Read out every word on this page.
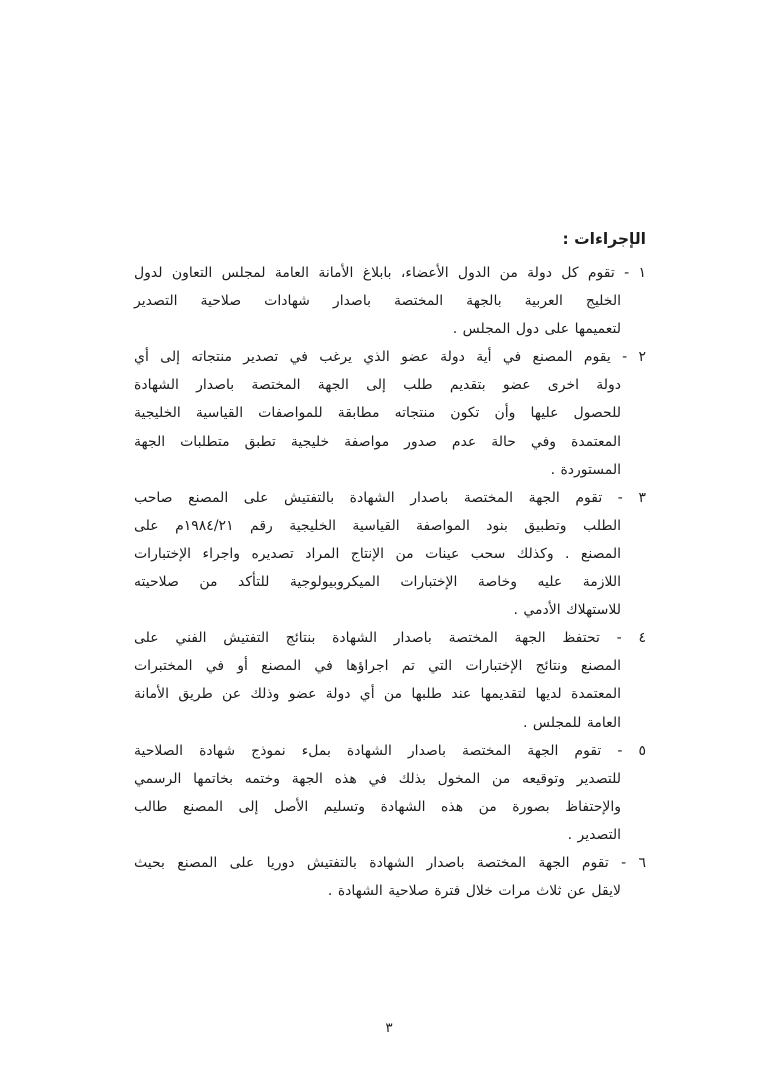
الإجراءات :
١ - تقوم كل دولة من الدول الأعضاء، بابلاغ الأمانة العامة لمجلس التعاون لدول
الخليج العربية بالجهة المختصة باصدار شهادات صلاحية التصدير
لتعميمها على دول المجلس .
٢ - يقوم المصنع في أية دولة عضو الذي يرغب في تصدير منتجاته إلى أي
دولة اخرى عضو بتقديم طلب إلى الجهة المختصة باصدار الشهادة
للحصول عليها وأن تكون منتجاته مطابقة للمواصفات القياسية الخليجية
المعتمدة وفي حالة عدم صدور مواصفة خليجية تطبق متطلبات الجهة
المستوردة .
٣ - تقوم الجهة المختصة باصدار الشهادة بالتفتيش على المصنع صاحب
الطلب وتطبيق بنود المواصفة القياسية الخليجية رقم ١٩٨٤/٢١م على
المصنع . وكذلك سحب عينات من الإنتاج المراد تصديره واجراء الإختبارات
اللازمة عليه وخاصة الإختبارات الميكروبيولوجية للتأكد من صلاحيته
للاستهلاك الأدمي .
٤ - تحتفظ الجهة المختصة باصدار الشهادة بنتائج التفتيش الفني على
المصنع ونتائج الإختبارات التي تم اجراؤها في المصنع أو في المختبرات
المعتمدة لديها لتقديمها عند طلبها من أي دولة عضو وذلك عن طريق الأمانة
العامة للمجلس .
٥ - تقوم الجهة المختصة باصدار الشهادة بملء نموذج شهادة الصلاحية
للتصدير وتوقيعه من المخول بذلك في هذه الجهة وختمه بخاتمها الرسمي
والإحتفاظ بصورة من هذه الشهادة وتسليم الأصل إلى المصنع طالب
التصدير .
٦ - تقوم الجهة المختصة باصدار الشهادة بالتفتيش دوريا على المصنع بحيث
لايقل عن ثلاث مرات خلال فترة صلاحية الشهادة .
٣
